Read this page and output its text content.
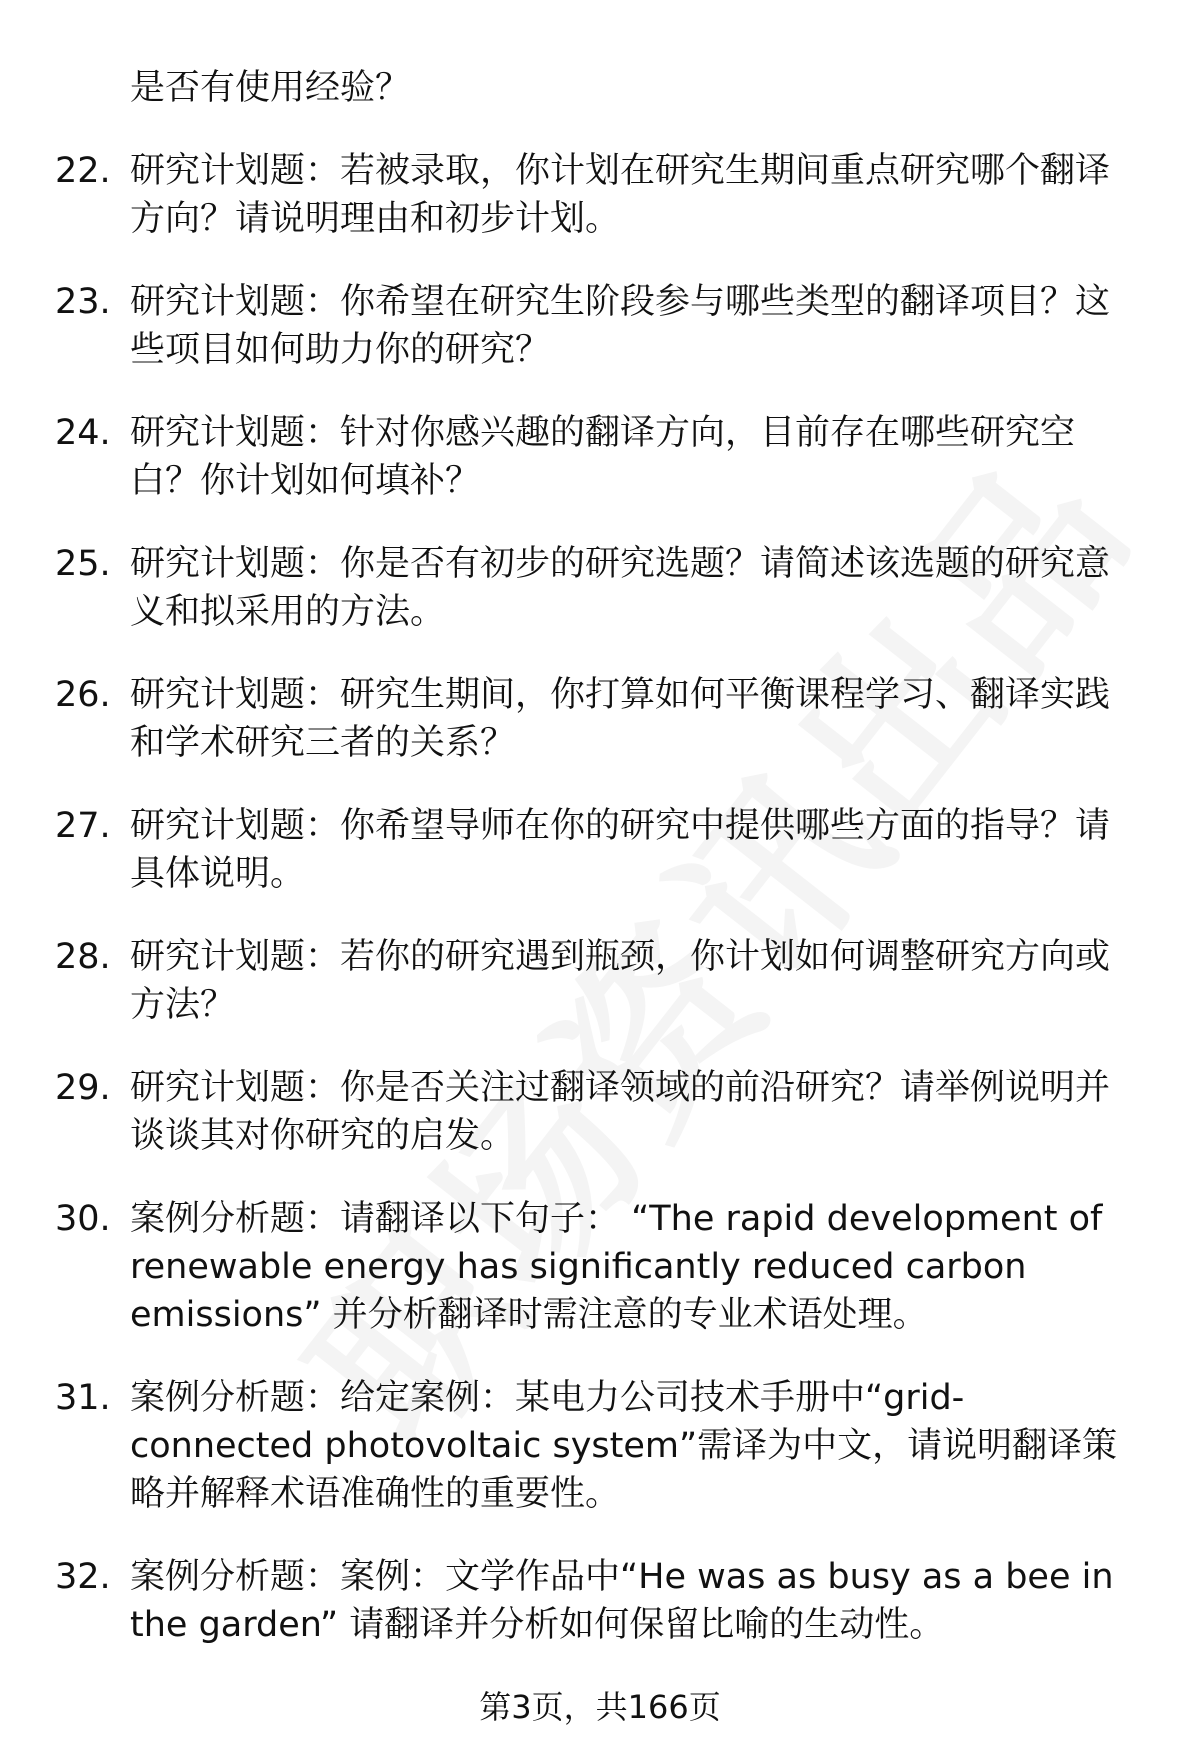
是否有使用经验？
22. 研究计划题：若被录取，你计划在研究生期间重点研究哪个翻译
方向？请说明理由和初步计划。
23. 研究计划题：你希望在研究生阶段参与哪些类型的翻译项目？这
些项目如何助力你的研究？
24. 研究计划题：针对你感兴趣的翻译方向，目前存在哪些研究空
白？你计划如何填补？
25. 研究计划题：你是否有初步的研究选题？请简述该选题的研究意
义和拟采用的方法。
26. 研究计划题：研究生期间，你打算如何平衡课程学习、翻译实践
和学术研究三者的关系？
27. 研究计划题：你希望导师在你的研究中提供哪些方面的指导？请
具体说明。
28. 研究计划题：若你的研究遇到瓶颈，你计划如何调整研究方向或
方法？
29. 研究计划题：你是否关注过翻译领域的前沿研究？请举例说明并
谈谈其对你研究的启发。
30. 案例分析题：请翻译以下句子： “The rapid development of
renewable energy has significantly reduced carbon
emissions” 并分析翻译时需注意的专业术语处理。
31. 案例分析题：给定案例：某电力公司技术手册中“grid-
connected photovoltaic system”需译为中文，请说明翻译策
略并解释术语准确性的重要性。
32. 案例分析题：案例：文学作品中“He was as busy as a bee in
the garden” 请翻译并分析如何保留比喻的生动性。
第3页，共166页
